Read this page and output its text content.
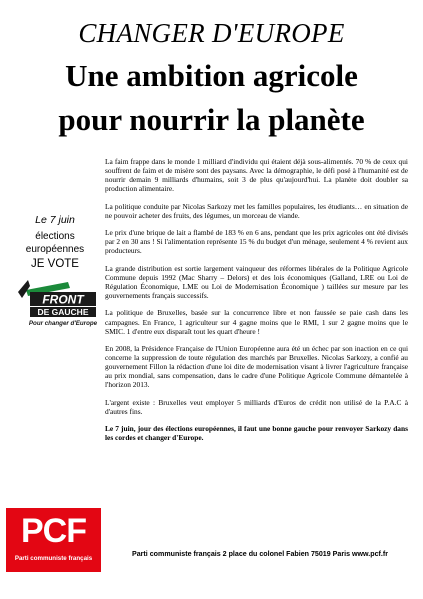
CHANGER D'EUROPE
Une ambition agricole
pour nourrir la planète
Le 7 juin
élections
européennes
JE VOTE
FRONT
DE GAUCHE
Pour changer d'Europe

La faim frappe dans le monde 1 milliard d'individu qui étaient déjà sous-alimentés. 70 % de ceux qui souffrent de faim et de misère sont des paysans. Avec la démographie, le défi posé à l'humanité est de nourrir demain 9 milliards d'humains, soit 3 de plus qu'aujourd'hui. La planète doit doubler sa production alimentaire.

La politique conduite par Nicolas Sarkozy met les familles populaires, les étudiants… en situation de ne pouvoir acheter des fruits, des légumes, un morceau de viande.

Le prix d'une brique de lait a flambé de 183 % en 6 ans, pendant que les prix agricoles ont été divisés par 2 en 30 ans ! Si l'alimentation représente 15 % du budget d'un ménage, seulement 4 % revient aux producteurs.

La grande distribution est sortie largement vainqueur des réformes libérales de la Politique Agricole Commune depuis 1992 (Mac Sharry – Delors) et des lois économiques (Galland, LRE ou Loi de Régulation Économique, LME ou Loi de Modernisation Économique ) taillées sur mesure par les gouvernements français successifs.

La politique de Bruxelles, basée sur la concurrence libre et non faussée se paie cash dans les campagnes. En France, 1 agriculteur sur 4 gagne moins que le RMI, 1 sur 2 gagne moins que le SMIC. 1 d'entre eux disparaît tout les quart d'heure !

En 2008, la Présidence Française de l'Union Européenne aura été un échec par son inaction en ce qui concerne la suppression de toute régulation des marchés par Bruxelles. Nicolas Sarkozy, a confié au gouvernement Fillon la rédaction d'une loi dite de modernisation visant à livrer l'agriculture française au prix mondial, sans compensation, dans le cadre d'une Politique Agricole Commune démantelée à l'horizon 2013.

L'argent existe : Bruxelles veut employer 5 milliards d'Euros de crédit non utilisé de la P.A.C à d'autres fins.

Le 7 juin, jour des élections européennes, il faut une bonne gauche pour renvoyer Sarkozy dans les cordes et changer d'Europe.

PCF
Parti communiste français
Parti communiste français 2 place du colonel Fabien 75019 Paris www.pcf.fr
